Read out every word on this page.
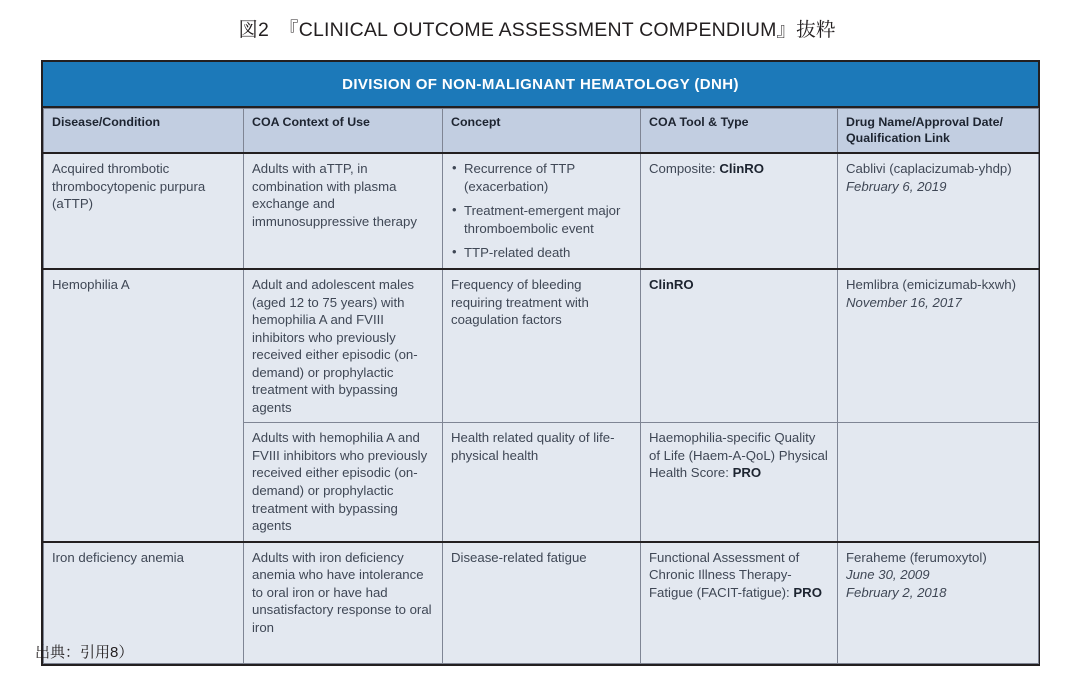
図2　『CLINICAL OUTCOME ASSESSMENT COMPENDIUM』抜粋
DIVISION OF NON-MALIGNANT HEMATOLOGY (DNH)
Disease/Condition	COA Context of Use	Concept	COA Tool & Type	Drug Name/Approval Date/
Qualification Link
Acquired thrombotic thrombocytopenic purpura (aTTP)	Adults with aTTP, in combination with plasma exchange and immunosuppressive therapy	
• Recurrence of TTP (exacerbation)
• Treatment-emergent major thromboembolic event
• TTP-related death
	Composite: ClinRO	Cablivi (caplacizumab-yhdp)
February 6, 2019
Hemophilia A	Adult and adolescent males (aged 12 to 75 years) with hemophilia A and FVIII inhibitors who previously received either episodic (on-demand) or prophylactic treatment with bypassing agents	Frequency of bleeding requiring treatment with coagulation factors	ClinRO	Hemlibra (emicizumab-kxwh)
November 16, 2017
	Adults with hemophilia A and FVIII inhibitors who previously received either episodic (on-demand) or prophylactic treatment with bypassing agents	Health related quality of life-physical health	Haemophilia-specific Quality of Life (Haem-A-QoL) Physical Health Score: PRO	
Iron deficiency anemia	Adults with iron deficiency anemia who have intolerance to oral iron or have had unsatisfactory response to oral iron	Disease-related fatigue	Functional Assessment of Chronic Illness Therapy-Fatigue (FACIT-fatigue): PRO	Feraheme (ferumoxytol)
June 30, 2009
February 2, 2018
出典：引用8）
